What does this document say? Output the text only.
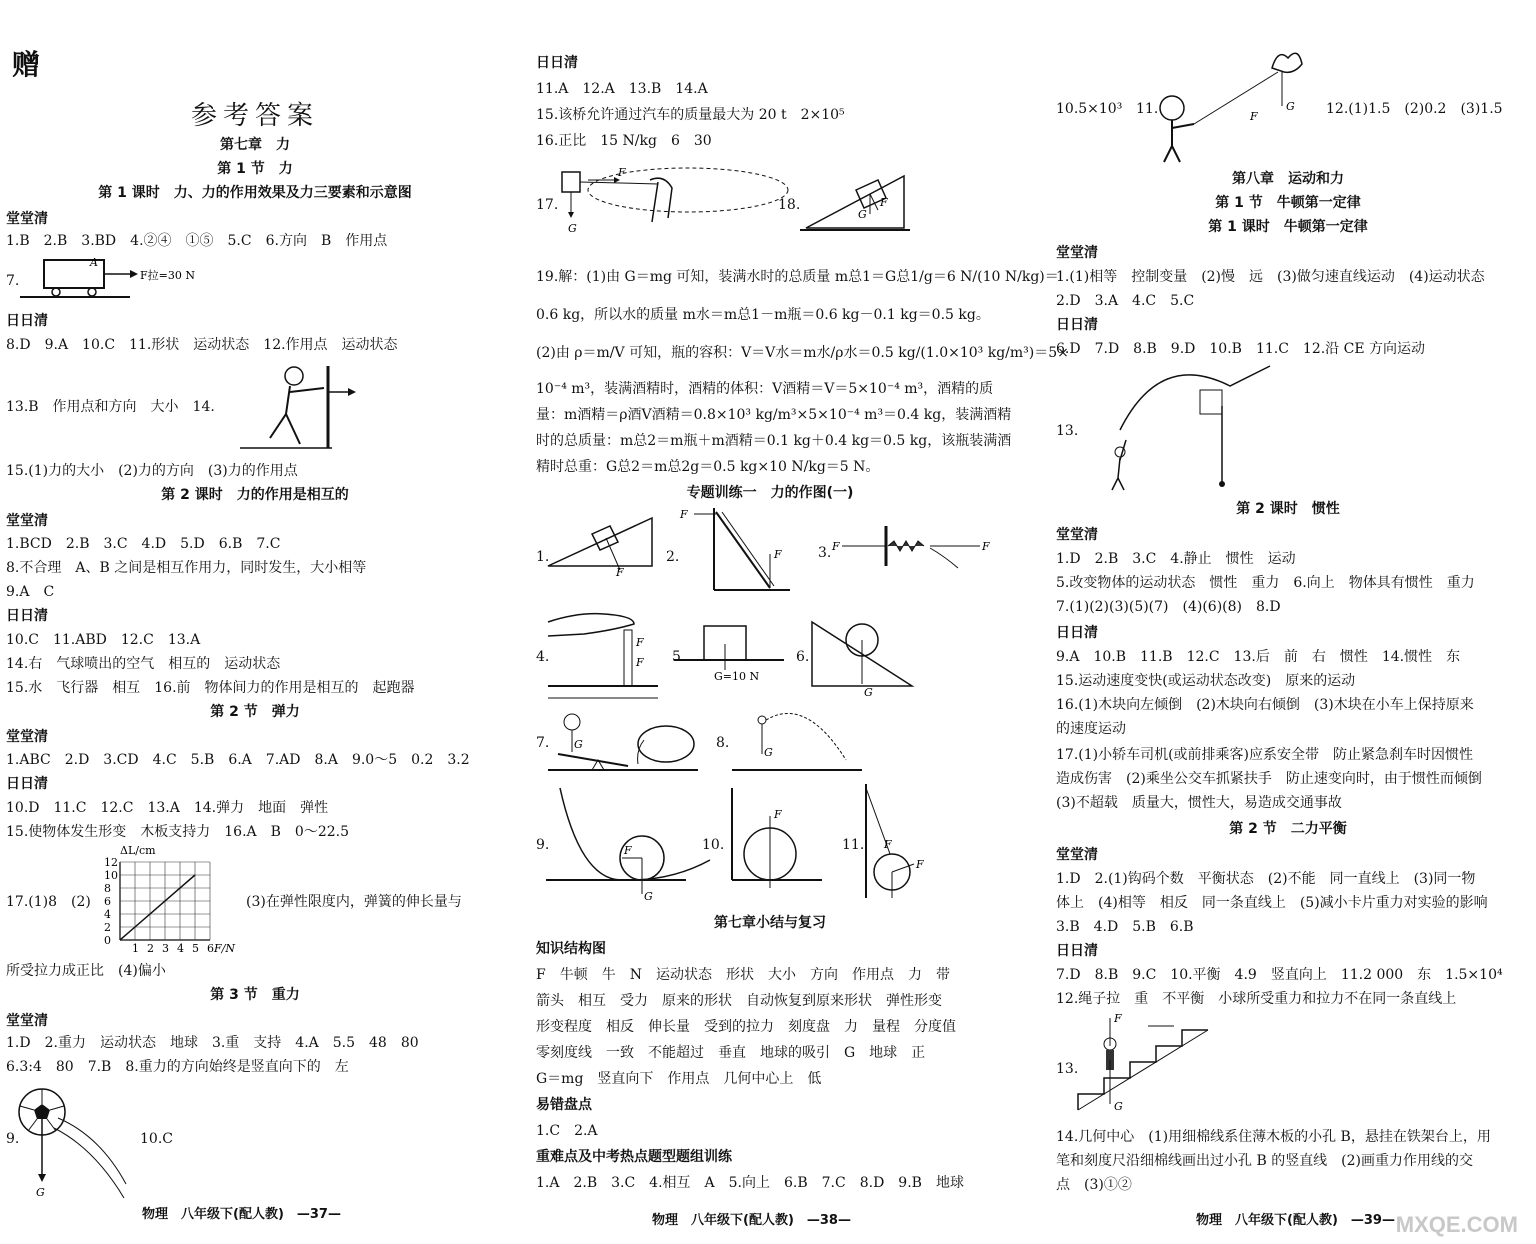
赠
参考答案
第七章　力
第 1 节　力
第 1 课时　力、力的作用效果及力三要素和示意图
堂堂清
1.B　2.B　3.BD　4.②④　①⑤　5.C　6.方向　B　作用点
7.
A
F拉=30 N
日日清
8.D　9.A　10.C　11.形状　运动状态　12.作用点　运动状态
13.B　作用点和方向　大小　14.
15.(1)力的大小　(2)力的方向　(3)力的作用点
第 2 课时　力的作用是相互的
堂堂清
1.BCD　2.B　3.C　4.D　5.D　6.B　7.C
8.不合理　A、B 之间是相互作用力，同时发生，大小相等
9.A　C
日日清
10.C　11.ABD　12.C　13.A
14.右　气球喷出的空气　相互的　运动状态
15.水　飞行器　相互　16.前　物体间力的作用是相互的　起跑器
第 2 节　弹力
堂堂清
1.ABC　2.D　3.CD　4.C　5.B　6.A　7.AD　8.A　9.0～5　0.2　3.2
日日清
10.D　11.C　12.C　13.A　14.弹力　地面　弹性
15.使物体发生形变　木板支持力　16.A　B　0～22.5
17.(1)8　(2)
ΔL/cm
F/N
0
2
4
6
8
10
12
1 2 3 4 5 6
(3)在弹性限度内，弹簧的伸长量与
所受拉力成正比　(4)偏小
第 3 节　重力
堂堂清
1.D　2.重力　运动状态　地球　3.重　支持　4.A　5.5　48　80
6.3:4　80　7.B　8.重力的方向始终是竖直向下的　左
9.
G
10.C
物理　八年级下(配人教)　—37—
日日清
11.A　12.A　13.B　14.A
15.该桥允许通过汽车的质量最大为 20 t　2×10⁵
16.正比　15 N/kg　6　30
17.
F
G
18.
G
F
19.解：(1)由 G＝mg 可知，装满水时的总质量 m总1＝G总1/g＝6 N/(10 N/kg)＝
0.6 kg，所以水的质量 m水＝m总1－m瓶＝0.6 kg－0.1 kg＝0.5 kg。
(2)由 ρ＝m/V 可知，瓶的容积：V＝V水＝m水/ρ水＝0.5 kg/(1.0×10³ kg/m³)＝5×
10⁻⁴ m³，装满酒精时，酒精的体积：V酒精＝V＝5×10⁻⁴ m³，酒精的质
量：m酒精＝ρ酒V酒精＝0.8×10³ kg/m³×5×10⁻⁴ m³＝0.4 kg，装满酒精
时的总质量：m总2＝m瓶＋m酒精＝0.1 kg＋0.4 kg＝0.5 kg，该瓶装满酒
精时总重：G总2＝m总2g＝0.5 kg×10 N/kg＝5 N。
专题训练一　力的作图(一)
1.
F
2.
F
F	3. F	F
4.
F
F 5.
G=10 N
6.
G
7. G	8.
G
9.	F
G
10.
F
11. F
F
第七章小结与复习
知识结构图
F　牛顿　牛　N　运动状态　形状　大小　方向　作用点　力　带
箭头　相互　受力　原来的形状　自动恢复到原来形状　弹性形变
形变程度　相反　伸长量　受到的拉力　刻度盘　力　量程　分度值
零刻度线　一致　不能超过　垂直　地球的吸引　G　地球　正
G＝mg　竖直向下　作用点　几何中心上　低
易错盘点
1.C　2.A
重难点及中考热点题型题组训练
1.A　2.B　3.C　4.相互　A　5.向上　6.B　7.C　8.D　9.B　地球
物理　八年级下(配人教)　—38—
10.5×10³ 11.	G
F	12.(1)1.5　(2)0.2　(3)1.5
第八章　运动和力
第 1 节　牛顿第一定律
第 1 课时　牛顿第一定律
堂堂清
1.(1)相等　控制变量　(2)慢　远　(3)做匀速直线运动　(4)运动状态
2.D　3.A　4.C　5.C
日日清
6.D　7.D　8.B　9.D　10.B　11.C　12.沿 CE 方向运动
13.
第 2 课时　惯性
堂堂清
1.D　2.B　3.C　4.静止　惯性　运动
5.改变物体的运动状态　惯性　重力　6.向上　物体具有惯性　重力
7.(1)(2)(3)(5)(7)　(4)(6)(8)　8.D
日日清
9.A　10.B　11.B　12.C　13.后　前　右　惯性　14.惯性　东
15.运动速度变快(或运动状态改变)　原来的运动
16.(1)木块向左倾倒　(2)木块向右倾倒　(3)木块在小车上保持原来
的速度运动
17.(1)小轿车司机(或前排乘客)应系安全带　防止紧急刹车时因惯性
造成伤害　(2)乘坐公交车抓紧扶手　防止速变向时，由于惯性而倾倒
(3)不超载　质量大，惯性大，易造成交通事故
第 2 节　二力平衡
堂堂清
1.D　2.(1)钩码个数　平衡状态　(2)不能　同一直线上　(3)同一物
体上　(4)相等　相反　同一条直线上　(5)减小卡片重力对实验的影响
3.B　4.D　5.B　6.B
日日清
7.D　8.B　9.C　10.平衡　4.9　竖直向上　11.2 000　东　1.5×10⁴
12.绳子拉　重　不平衡　小球所受重力和拉力不在同一条直线上
13.
F
G
14.几何中心　(1)用细棉线系住薄木板的小孔 B，悬挂在铁架台上，用
笔和刻度尺沿细棉线画出过小孔 B 的竖直线　(2)画重力作用线的交
点　(3)①②
物理　八年级下(配人教)　—39— MXQE.COM
